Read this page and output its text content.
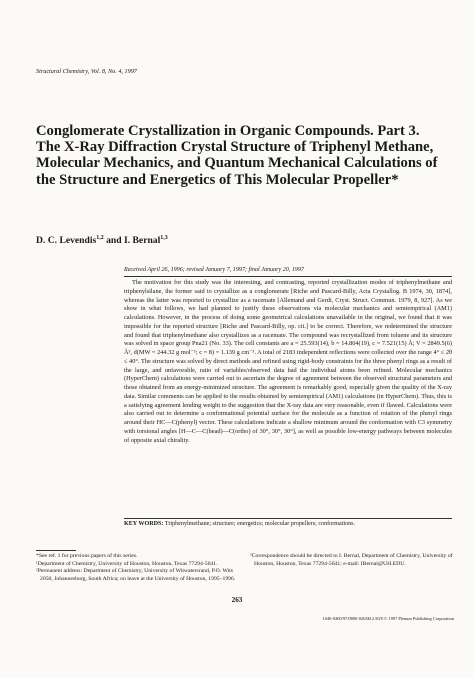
Structural Chemistry, Vol. 8, No. 4, 1997
Conglomerate Crystallization in Organic Compounds. Part 3. The X-Ray Diffraction Crystal Structure of Triphenyl Methane, Molecular Mechanics, and Quantum Mechanical Calculations of the Structure and Energetics of This Molecular Propeller*
D. C. Levendis$^{1,2}$ and I. Bernal$^{1,3}$
Received April 26, 1996; revised January 7, 1997; final January 20, 1997
The motivation for this study was the interesting, and contrasting, reported crystallization modes of triphenylmethane and triphenylsilane, the former said to crystallize as a conglomerate [Riche and Pascard-Billy, Acta Crystallog. B 1974, 30, 1874], whereas the latter was reported to crystallize as a racemate [Allemand and Gerdi, Cryst. Struct. Commun. 1979, 8, 927]. As we show in what follows, we had planned to justify these observations via molecular mechanics and semiempirical (AM1) calculations. However, in the process of doing some geometrical calculations unavailable in the original, we found that it was impossible for the reported structure [Riche and Pascard-Billy, op. cit.] to be correct. Therefore, we redetermined the structure and found that triphenylmethane also crystallizes as a racemate. The compound was recrystallized from toluene and its structure was solved in space group Pna21 (No. 33). The cell constants are a = 25.593(14), b = 14.804(19), c = 7.521(15) Å; V = 2849.5(6) Å³, d(MW = 244.32 g mol⁻¹; c = 8) = 1.139 g cm⁻³. A total of 2183 independent reflections were collected over the range 4° ≤ 2θ ≤ 40°. The structure was solved by direct methods and refined using rigid-body constraints for the three phenyl rings as a result of the large, and unfavorable, ratio of variables/observed data had the individual atoms been refined. Molecular mechanics (HyperChem) calculations were carried out to ascertain the degree of agreement between the observed structural parameters and those obtained from an energy-minimized structure. The agreement is remarkably good, especially given the quality of the X-ray data. Similar comments can be applied to the results obtained by semiempirical (AM1) calculations (in HyperChem). Thus, this is a satisfying agreement lending weight to the suggestion that the X-ray data are very reasonable, even if flawed. Calculations were also carried out to determine a conformational potential surface for the molecule as a function of rotation of the phenyl rings around their HC—C(phenyl) vector. These calculations indicate a shallow minimum around the conformation with C3 symmetry with torsional angles [H—C—C(head)—C(ortho) of 30°, 30°, 30°], as well as possible low-energy pathways between molecules of opposite axial chirality.
KEY WORDS: Triphenylmethane; structure; energetics; molecular propellers; conformations.

*See ref. 1 for previous papers of this series.

¹Department of Chemistry, University of Houston, Houston, Texas 77294-5641.

²Permanent address: Department of Chemistry, University of Witwatersrand, P.O. Wits 2050, Johannesburg, South Africa; on leave at the University of Houston, 1995–1996.

³Correspondence should be directed to I. Bernal, Department of Chemistry, University of Houston, Houston, Texas 77294-5641; e-mail: IBernal@UH.EDU.

263
1040-0400/97/0800-0263$12.50/0 © 1997 Plenum Publishing Corporation
